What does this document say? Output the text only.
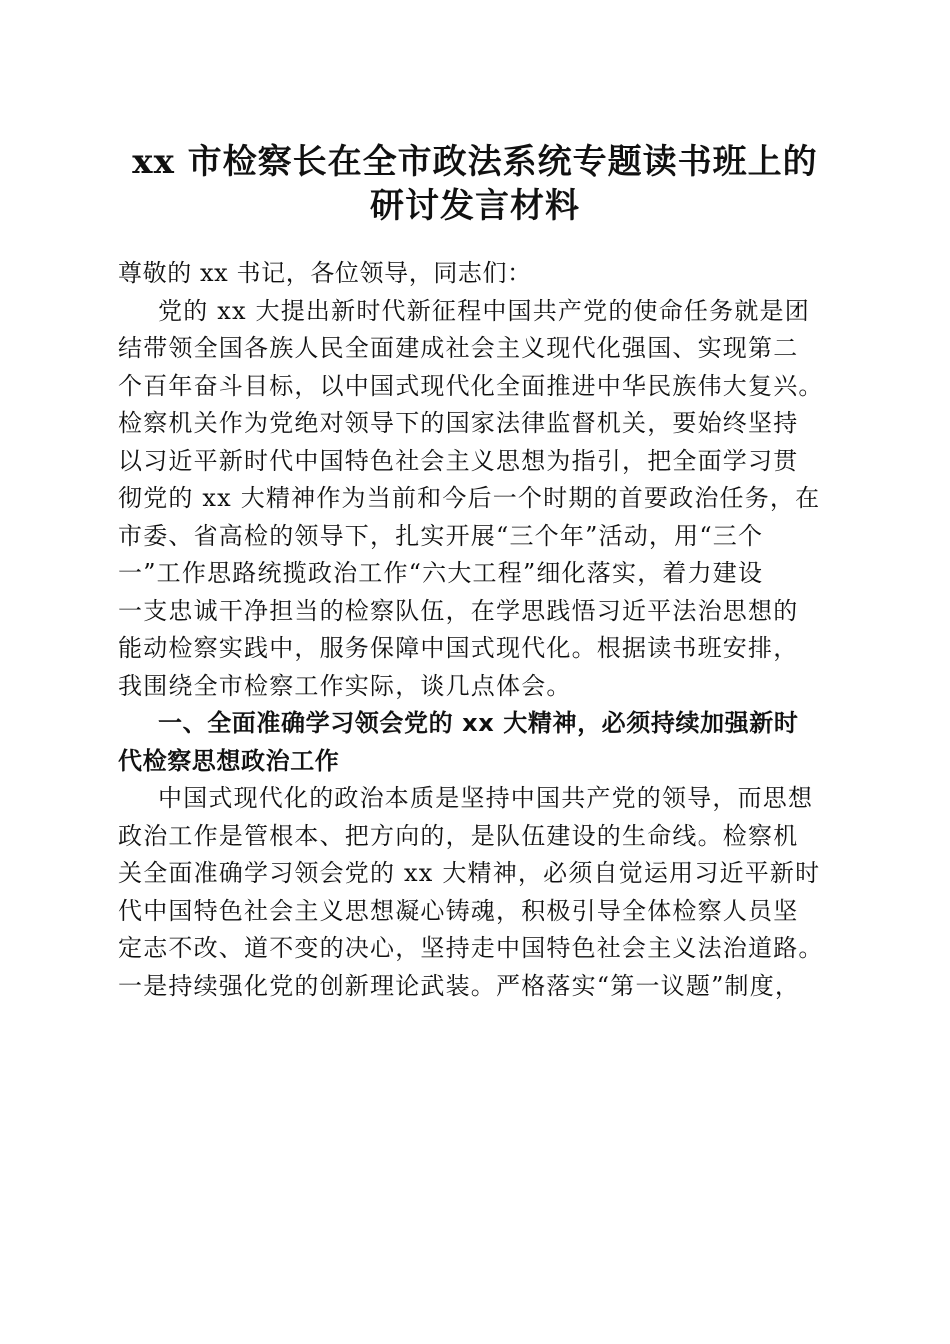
xx 市检察长在全市政法系统专题读书班上的
研讨发言材料
尊敬的 xx 书记，各位领导，同志们：
党的 xx 大提出新时代新征程中国共产党的使命任务就是团
结带领全国各族人民全面建成社会主义现代化强国、实现第二
个百年奋斗目标，以中国式现代化全面推进中华民族伟大复兴。
检察机关作为党绝对领导下的国家法律监督机关，要始终坚持
以习近平新时代中国特色社会主义思想为指引，把全面学习贯
彻党的 xx 大精神作为当前和今后一个时期的首要政治任务，在
市委、省高检的领导下，扎实开展“三个年”活动，用“三个
一”工作思路统揽政治工作“六大工程”细化落实，着力建设
一支忠诚干净担当的检察队伍，在学思践悟习近平法治思想的
能动检察实践中，服务保障中国式现代化。根据读书班安排，
我围绕全市检察工作实际，谈几点体会。
一、全面准确学习领会党的 xx 大精神，必须持续加强新时
代检察思想政治工作
中国式现代化的政治本质是坚持中国共产党的领导，而思想
政治工作是管根本、把方向的，是队伍建设的生命线。检察机
关全面准确学习领会党的 xx 大精神，必须自觉运用习近平新时
代中国特色社会主义思想凝心铸魂，积极引导全体检察人员坚
定志不改、道不变的决心，坚持走中国特色社会主义法治道路。
一是持续强化党的创新理论武装。严格落实“第一议题”制度，
